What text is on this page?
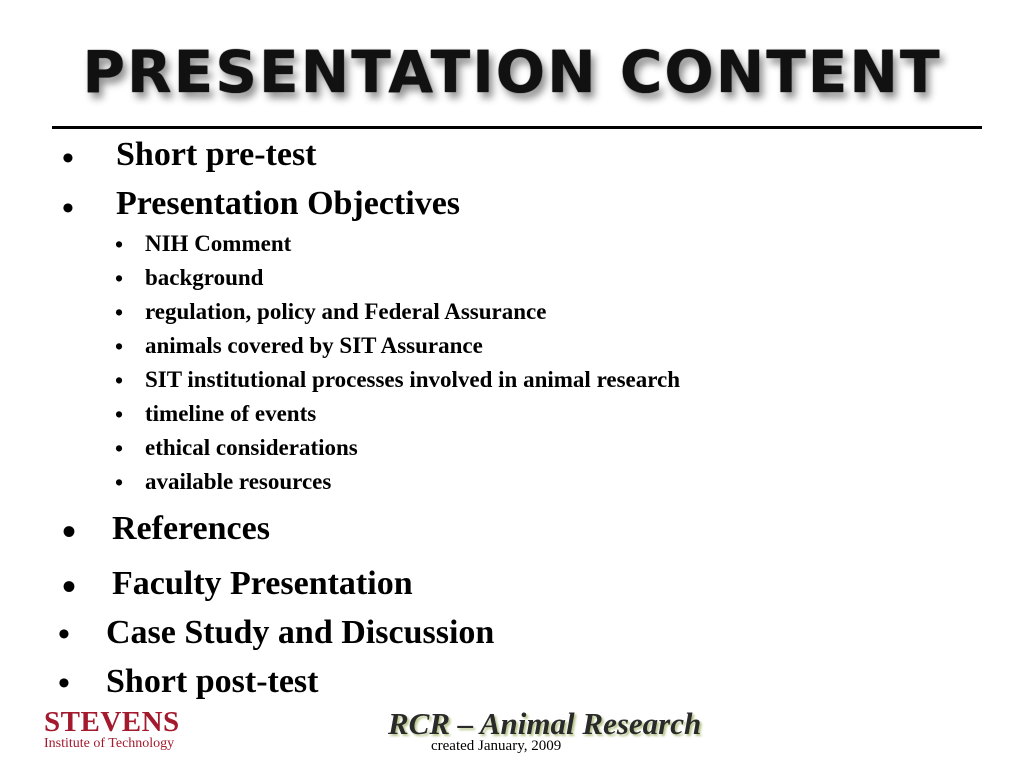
PRESENTATION CONTENT
• Short pre-test
• Presentation Objectives
• NIH Comment
• background
• regulation, policy and Federal Assurance
• animals covered by SIT Assurance
• SIT institutional processes involved in animal research
• timeline of events
• ethical considerations
• available resources
• References
• Faculty Presentation
• Case Study and Discussion
• Short post-test
STEVENS
Institute of Technology
RCR – Animal Research
created January, 2009
